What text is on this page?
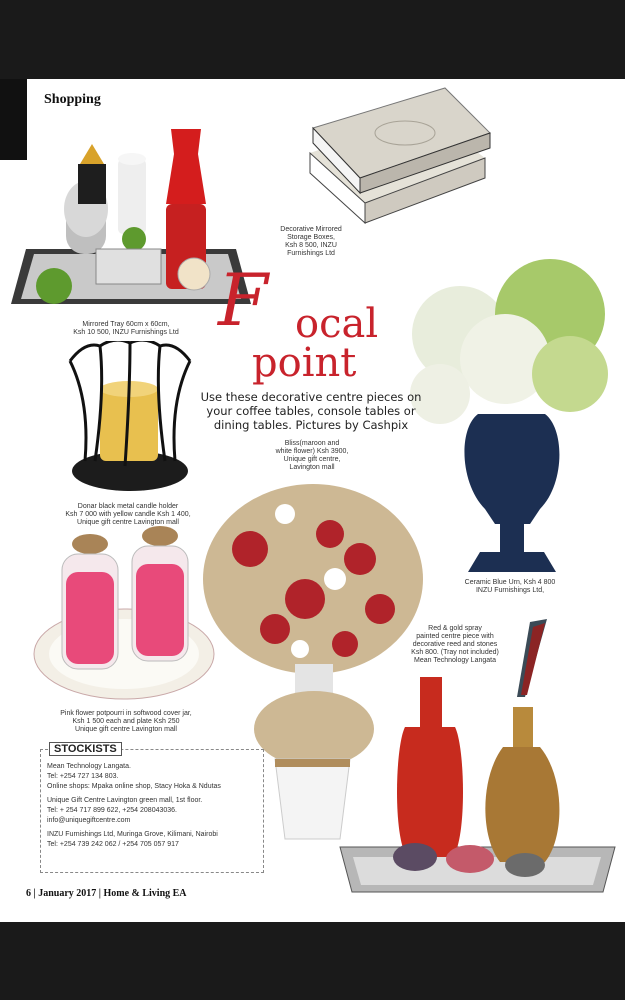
Shopping
Decorative Mirrored
Storage Boxes,
Ksh 8 500, INZU
Furnishings Ltd
Mirrored Tray 60cm x 60cm,
Ksh 10 500, INZU Furnishings Ltd F ocal
point
Use these decorative centre pieces on
your coffee tables, console tables or
dining tables. Pictures by Cashpix
Donar black metal candle holder
Ksh 7 000 with yellow candle Ksh 1 400,
Unique gift centre Lavington mall
Bliss(maroon and
white flower) Ksh 3900,
Unique gift centre,
Lavington mall
Ceramic Blue Urn, Ksh 4 800
INZU Furnishings Ltd,
Red & gold spray
painted centre piece with
decorative reed and stones
Ksh 800. (Tray not included)
Mean Technology Langata
Pink flower potpourri in softwood cover jar,
Ksh 1 500 each and plate Ksh 250
Unique gift centre Lavington mall
STOCKISTS
Mean Technology Langata.
Tel: +254 727 134 803.
Online shops: Mpaka online shop, Stacy Hoka & Ndutas
Unique Gift Centre Lavington green mall, 1st floor.
Tel: + 254 717 899 622, +254 208043036.
info@uniquegiftcentre.com
INZU Furnishings Ltd, Muringa Grove, Kilimani, Nairobi
Tel: +254 739 242 062 / +254 705 057 917
6 | January 2017 | Home & Living EA
